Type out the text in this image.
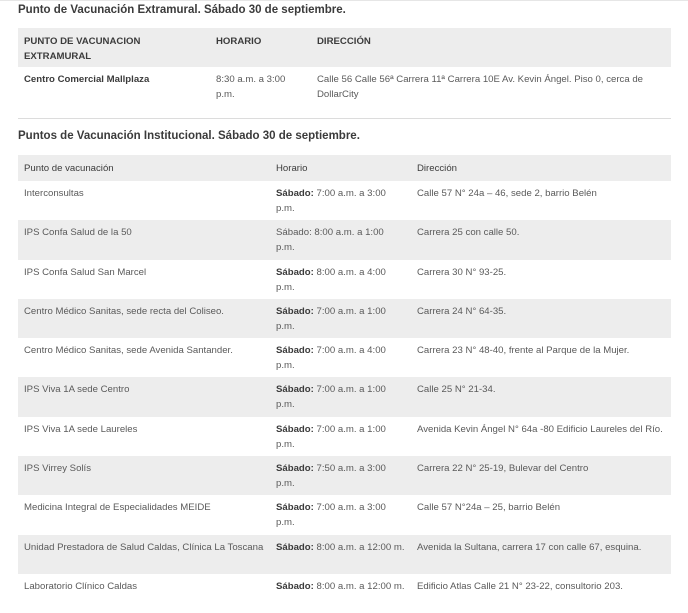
Punto de Vacunación Extramural. Sábado 30 de septiembre.
PUNTO DE VACUNACION EXTRAMURAL	HORARIO	DIRECCIÓN
Centro Comercial Mallplaza	8:30 a.m. a 3:00 p.m.	Calle 56 Calle 56ª Carrera 11ª Carrera 10E Av. Kevin Ángel. Piso 0, cerca de DollarCity
Puntos de Vacunación Institucional. Sábado 30 de septiembre.
Punto de vacunación	Horario	Dirección
Interconsultas	Sábado: 7:00 a.m. a 3:00 p.m.	Calle 57 N° 24a – 46, sede 2, barrio Belén
IPS Confa Salud de la 50	Sábado: 8:00 a.m. a 1:00 p.m.	Carrera 25 con calle 50.
IPS Confa Salud San Marcel	Sábado: 8:00 a.m. a 4:00 p.m.	Carrera 30 N° 93-25.
Centro Médico Sanitas, sede recta del Coliseo.	Sábado: 7:00 a.m. a 1:00 p.m.	Carrera 24 N° 64-35.
Centro Médico Sanitas, sede Avenida Santander.	Sábado: 7:00 a.m. a 4:00 p.m.	Carrera 23 N° 48-40, frente al Parque de la Mujer.
IPS Viva 1A sede Centro	Sábado: 7:00 a.m. a 1:00 p.m.	Calle 25 N° 21-34.
IPS Viva 1A sede Laureles	Sábado: 7:00 a.m. a 1:00 p.m.	Avenida Kevin Ángel N° 64a -80 Edificio Laureles del Río.
IPS Virrey Solís	Sábado: 7:50 a.m. a 3:00 p.m.	Carrera 22 N° 25-19, Bulevar del Centro
Medicina Integral de Especialidades MEIDE	Sábado: 7:00 a.m. a 3:00 p.m.	Calle 57 N°24a – 25, barrio Belén
Unidad Prestadora de Salud Caldas, Clínica La Toscana	Sábado: 8:00 a.m. a 12:00 m.	Avenida la Sultana, carrera 17 con calle 67, esquina.
Laboratorio Clínico Caldas	Sábado: 8:00 a.m. a 12:00 m.	Edificio Atlas Calle 21 N° 23-22, consultorio 203.
